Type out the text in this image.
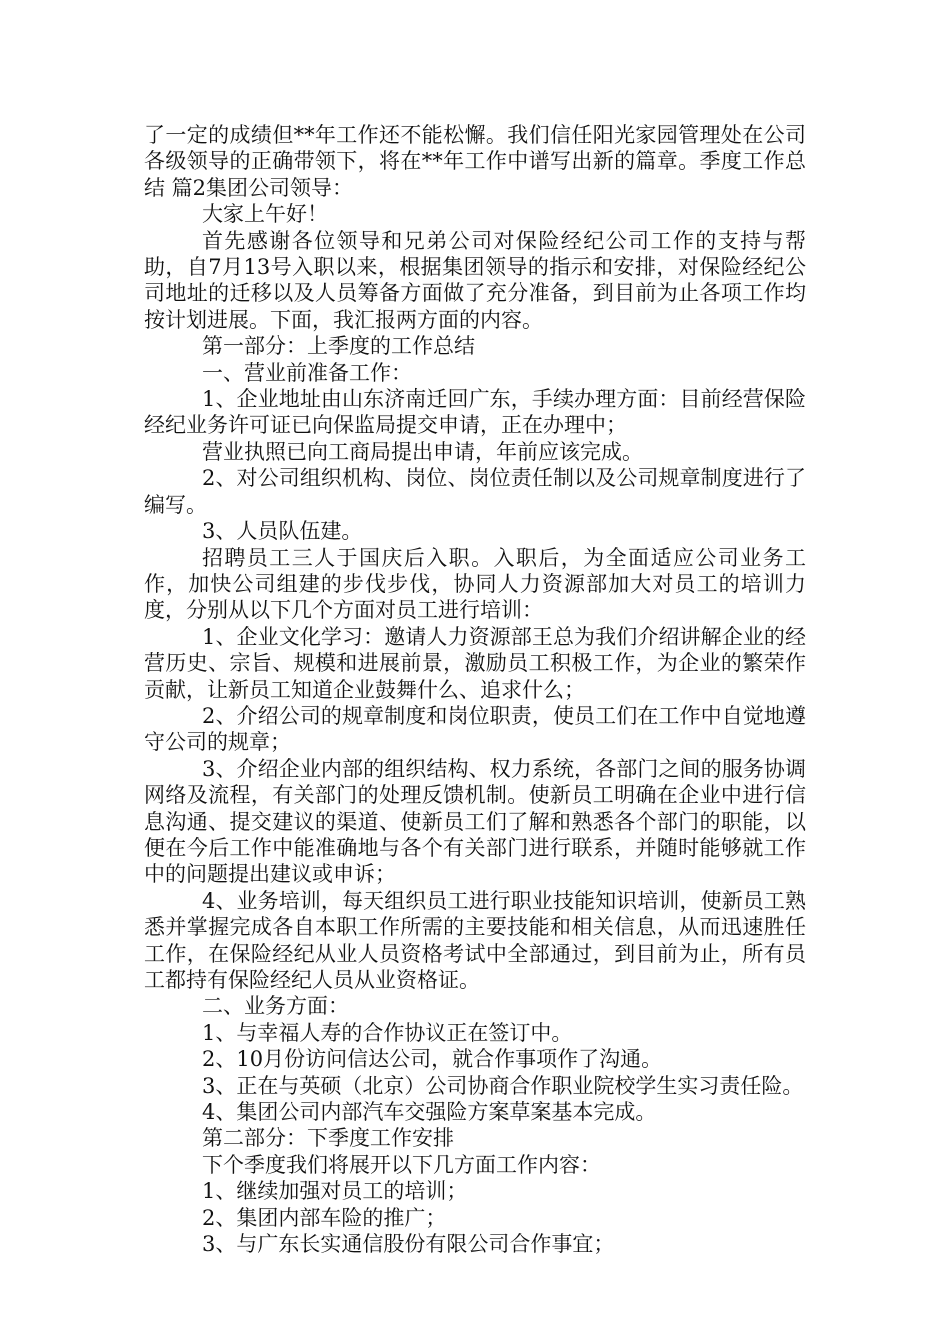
了一定的成绩但**年工作还不能松懈。我们信任阳光家园管理处在公司各级领导的正确带领下，将在**年工作中谱写出新的篇章。季度工作总结 篇2集团公司领导：

大家上午好！

首先感谢各位领导和兄弟公司对保险经纪公司工作的支持与帮助，自7月13号入职以来，根据集团领导的指示和安排，对保险经纪公司地址的迁移以及人员筹备方面做了充分准备，到目前为止各项工作均按计划进展。下面，我汇报两方面的内容。

第一部分：上季度的工作总结

一、营业前准备工作：

1、企业地址由山东济南迁回广东，手续办理方面：目前经营保险经纪业务许可证已向保监局提交申请，正在办理中；

营业执照已向工商局提出申请，年前应该完成。

2、对公司组织机构、岗位、岗位责任制以及公司规章制度进行了编写。

3、人员队伍建。

招聘员工三人于国庆后入职。入职后，为全面适应公司业务工作，加快公司组建的步伐步伐，协同人力资源部加大对员工的培训力度，分别从以下几个方面对员工进行培训：

1、企业文化学习：邀请人力资源部王总为我们介绍讲解企业的经营历史、宗旨、规模和进展前景，激励员工积极工作，为企业的繁荣作贡献，让新员工知道企业鼓舞什么、追求什么；

2、介绍公司的规章制度和岗位职责，使员工们在工作中自觉地遵守公司的规章；

3、介绍企业内部的组织结构、权力系统，各部门之间的服务协调网络及流程，有关部门的处理反馈机制。使新员工明确在企业中进行信息沟通、提交建议的渠道、使新员工们了解和熟悉各个部门的职能，以便在今后工作中能准确地与各个有关部门进行联系，并随时能够就工作中的问题提出建议或申诉；

4、业务培训，每天组织员工进行职业技能知识培训，使新员工熟悉并掌握完成各自本职工作所需的主要技能和相关信息，从而迅速胜任工作，在保险经纪从业人员资格考试中全部通过，到目前为止，所有员工都持有保险经纪人员从业资格证。

二、业务方面：

1、与幸福人寿的合作协议正在签订中。

2、10月份访问信达公司，就合作事项作了沟通。

3、正在与英硕（北京）公司协商合作职业院校学生实习责任险。

4、集团公司内部汽车交强险方案草案基本完成。

第二部分：下季度工作安排

下个季度我们将展开以下几方面工作内容：

1、继续加强对员工的培训；

2、集团内部车险的推广；

3、与广东长实通信股份有限公司合作事宜；
